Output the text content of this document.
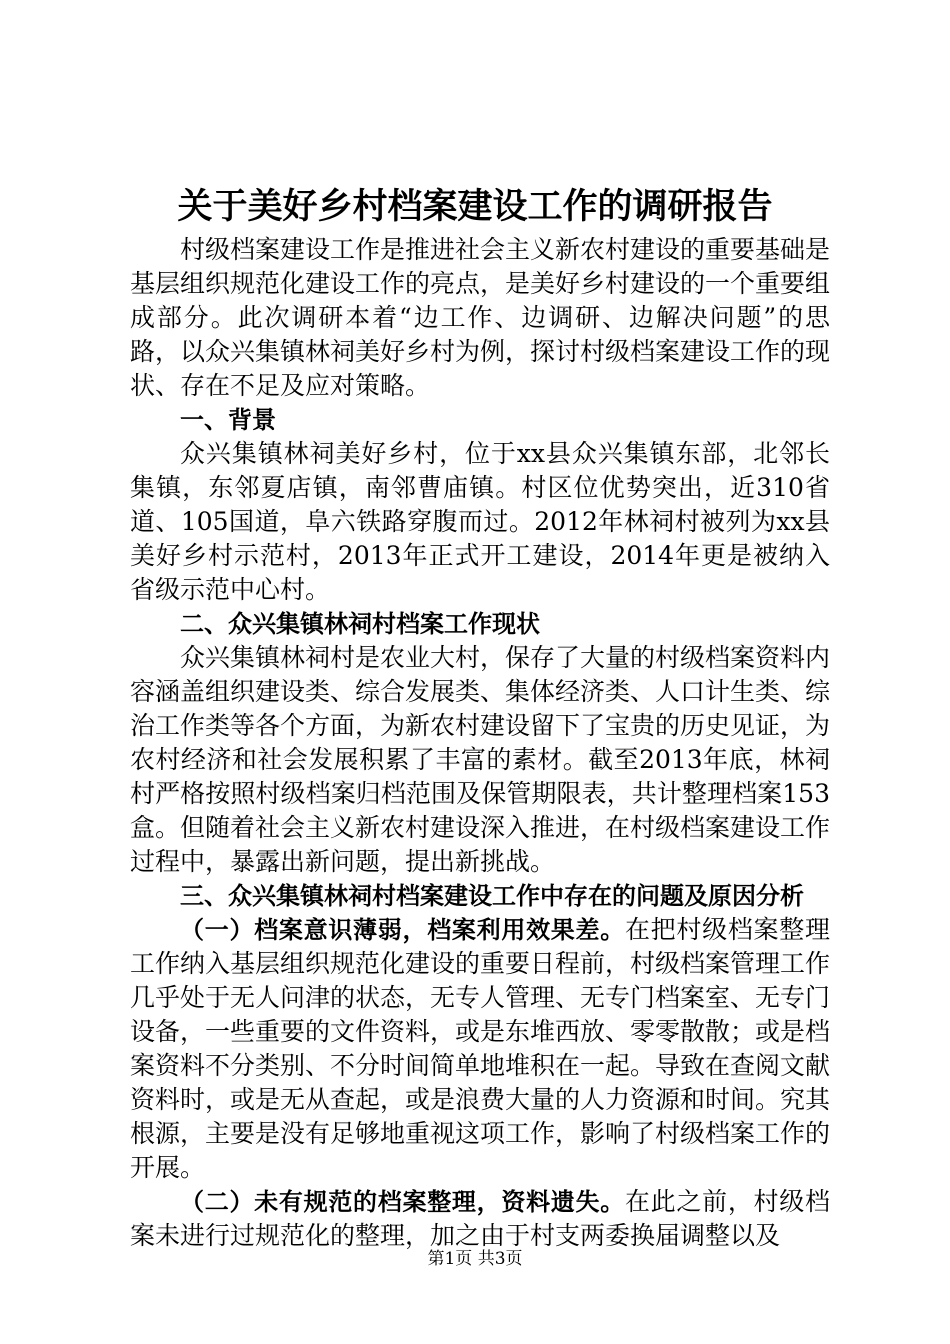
关于美好乡村档案建设工作的调研报告

村级档案建设工作是推进社会主义新农村建设的重要基础是基层组织规范化建设工作的亮点，是美好乡村建设的一个重要组成部分。此次调研本着“边工作、边调研、边解决问题”的思路，以众兴集镇林祠美好乡村为例，探讨村级档案建设工作的现状、存在不足及应对策略。

一、背景

众兴集镇林祠美好乡村，位于xx县众兴集镇东部，北邻长集镇，东邻夏店镇，南邻曹庙镇。村区位优势突出，近310省道、105国道，阜六铁路穿腹而过。2012年林祠村被列为xx县美好乡村示范村，2013年正式开工建设，2014年更是被纳入省级示范中心村。

二、众兴集镇林祠村档案工作现状

众兴集镇林祠村是农业大村，保存了大量的村级档案资料内容涵盖组织建设类、综合发展类、集体经济类、人口计生类、综治工作类等各个方面，为新农村建设留下了宝贵的历史见证，为农村经济和社会发展积累了丰富的素材。截至2013年底，林祠村严格按照村级档案归档范围及保管期限表，共计整理档案153盒。但随着社会主义新农村建设深入推进，在村级档案建设工作过程中，暴露出新问题，提出新挑战。

三、众兴集镇林祠村档案建设工作中存在的问题及原因分析

（一）档案意识薄弱，档案利用效果差。在把村级档案整理工作纳入基层组织规范化建设的重要日程前，村级档案管理工作几乎处于无人问津的状态，无专人管理、无专门档案室、无专门设备，一些重要的文件资料，或是东堆西放、零零散散；或是档案资料不分类别、不分时间简单地堆积在一起。导致在查阅文献资料时，或是无从查起，或是浪费大量的人力资源和时间。究其根源，主要是没有足够地重视这项工作，影响了村级档案工作的开展。

（二）未有规范的档案整理，资料遗失。在此之前，村级档案未进行过规范化的整理，加之由于村支两委换届调整以及

第1页 共3页
